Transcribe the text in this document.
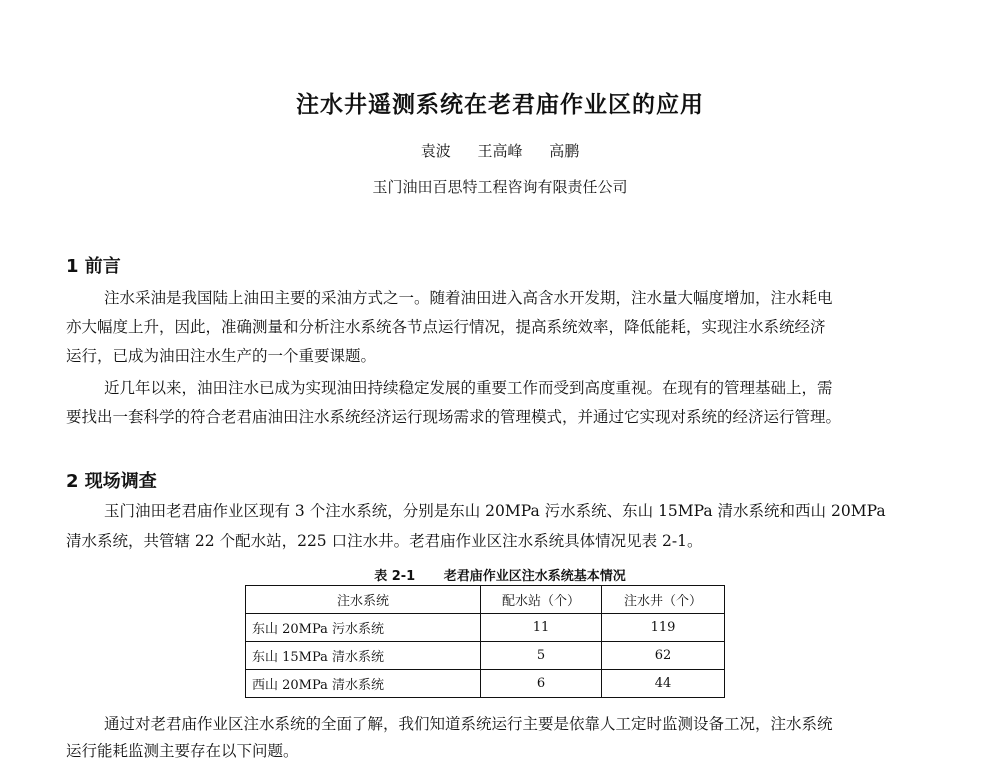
注水井遥测系统在老君庙作业区的应用
袁波 王高峰 高鹏
玉门油田百思特工程咨询有限责任公司
1 前言
注水采油是我国陆上油田主要的采油方式之一。随着油田进入高含水开发期，注水量大幅度增加，注水耗电
亦大幅度上升，因此，准确测量和分析注水系统各节点运行情况，提高系统效率，降低能耗，实现注水系统经济
运行，已成为油田注水生产的一个重要课题。
近几年以来，油田注水已成为实现油田持续稳定发展的重要工作而受到高度重视。在现有的管理基础上，需
要找出一套科学的符合老君庙油田注水系统经济运行现场需求的管理模式，并通过它实现对系统的经济运行管理。
2 现场调查
玉门油田老君庙作业区现有 3 个注水系统，分别是东山 20MPa 污水系统、东山 15MPa 清水系统和西山 20MPa
清水系统，共管辖 22 个配水站，225 口注水井。老君庙作业区注水系统具体情况见表 2-1。
表 2-1 老君庙作业区注水系统基本情况
注水系统	配水站（个）	注水井（个）
东山 20MPa 污水系统	11	119
东山 15MPa 清水系统	5	62
西山 20MPa 清水系统	6	44
通过对老君庙作业区注水系统的全面了解，我们知道系统运行主要是依靠人工定时监测设备工况，注水系统
运行能耗监测主要存在以下问题。
